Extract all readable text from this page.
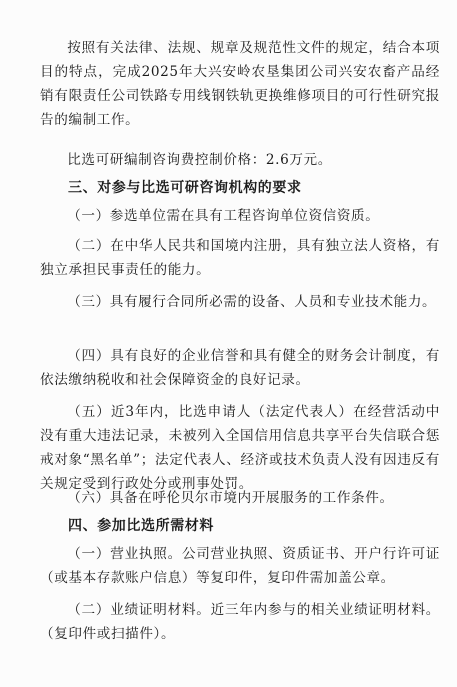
按照有关法律、法规、规章及规范性文件的规定，结合本项目的特点，完成2025年大兴安岭农垦集团公司兴安农畜产品经销有限责任公司铁路专用线钢铁轨更换维修项目的可行性研究报告的编制工作。

比选可研编制咨询费控制价格：2.6万元。

三、对参与比选可研咨询机构的要求

（一）参选单位需在具有工程咨询单位资信资质。

（二）在中华人民共和国境内注册，具有独立法人资格，有独立承担民事责任的能力。

（三）具有履行合同所必需的设备、人员和专业技术能力。

（四）具有良好的企业信誉和具有健全的财务会计制度，有依法缴纳税收和社会保障资金的良好记录。

（五）近3年内，比选申请人（法定代表人）在经营活动中没有重大违法记录，未被列入全国信用信息共享平台失信联合惩戒对象“黑名单”；法定代表人、经济或技术负责人没有因违反有关规定受到行政处分或刑事处罚。

（六）具备在呼伦贝尔市境内开展服务的工作条件。

四、参加比选所需材料

（一）营业执照。公司营业执照、资质证书、开户行许可证（或基本存款账户信息）等复印件，复印件需加盖公章。

（二）业绩证明材料。近三年内参与的相关业绩证明材料。（复印件或扫描件）。
